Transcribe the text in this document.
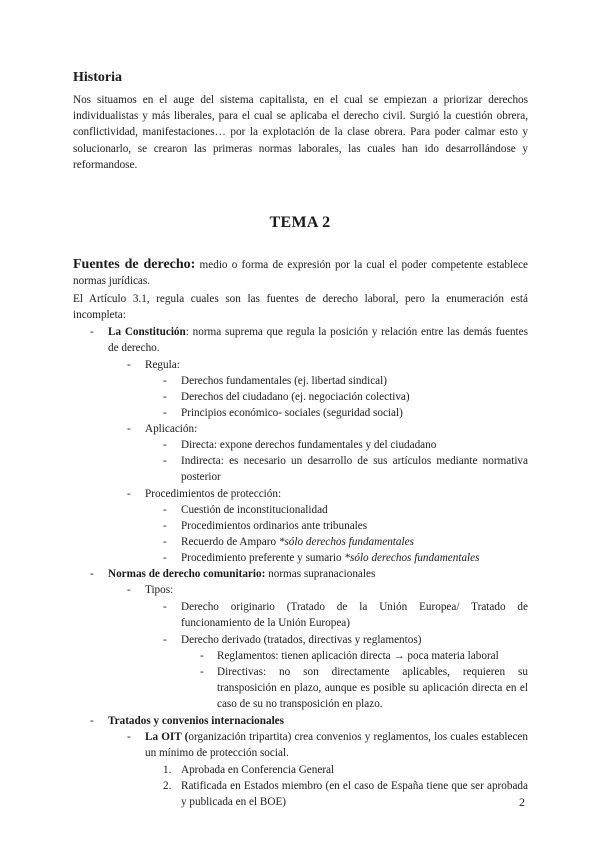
Historia

Nos situamos en el auge del sistema capitalista, en el cual se empiezan a priorizar derechos individualistas y más liberales, para el cual se aplicaba el derecho civil. Surgió la cuestión obrera, conflictividad, manifestaciones… por la explotación de la clase obrera. Para poder calmar esto y solucionarlo, se crearon las primeras normas laborales, las cuales han ido desarrollándose y reformandose.

TEMA 2

Fuentes de derecho: medio o forma de expresión por la cual el poder competente establece normas jurídicas.

El Artículo 3.1, regula cuales son las fuentes de derecho laboral, pero la enumeración está incompleta:

- La Constitución: norma suprema que regula la posición y relación entre las demás fuentes de derecho.

- Regula:

- Derechos fundamentales (ej. libertad sindical)

- Derechos del ciudadano (ej. negociación colectiva)

- Principios económico- sociales (seguridad social)

- Aplicación:

- Directa: expone derechos fundamentales y del ciudadano

- Indirecta: es necesario un desarrollo de sus artículos mediante normativa posterior

- Procedimientos de protección:

- Cuestión de inconstitucionalidad

- Procedimientos ordinarios ante tribunales

- Recuerdo de Amparo *sólo derechos fundamentales

- Procedimiento preferente y sumario *sólo derechos fundamentales

- Normas de derecho comunitario: normas supranacionales

- Tipos:

- Derecho originario (Tratado de la Unión Europea/ Tratado de funcionamiento de la Unión Europea)

- Derecho derivado (tratados, directivas y reglamentos)

- Reglamentos: tienen aplicación directa → poca materia laboral

- Directivas: no son directamente aplicables, requieren su transposición en plazo, aunque es posible su aplicación directa en el caso de su no transposición en plazo.

- Tratados y convenios internacionales

- La OIT (organización tripartita) crea convenios y reglamentos, los cuales establecen un mínimo de protección social.

1. Aprobada en Conferencia General

2. Ratificada en Estados miembro (en el caso de España tiene que ser aprobada y publicada en el BOE)	2
